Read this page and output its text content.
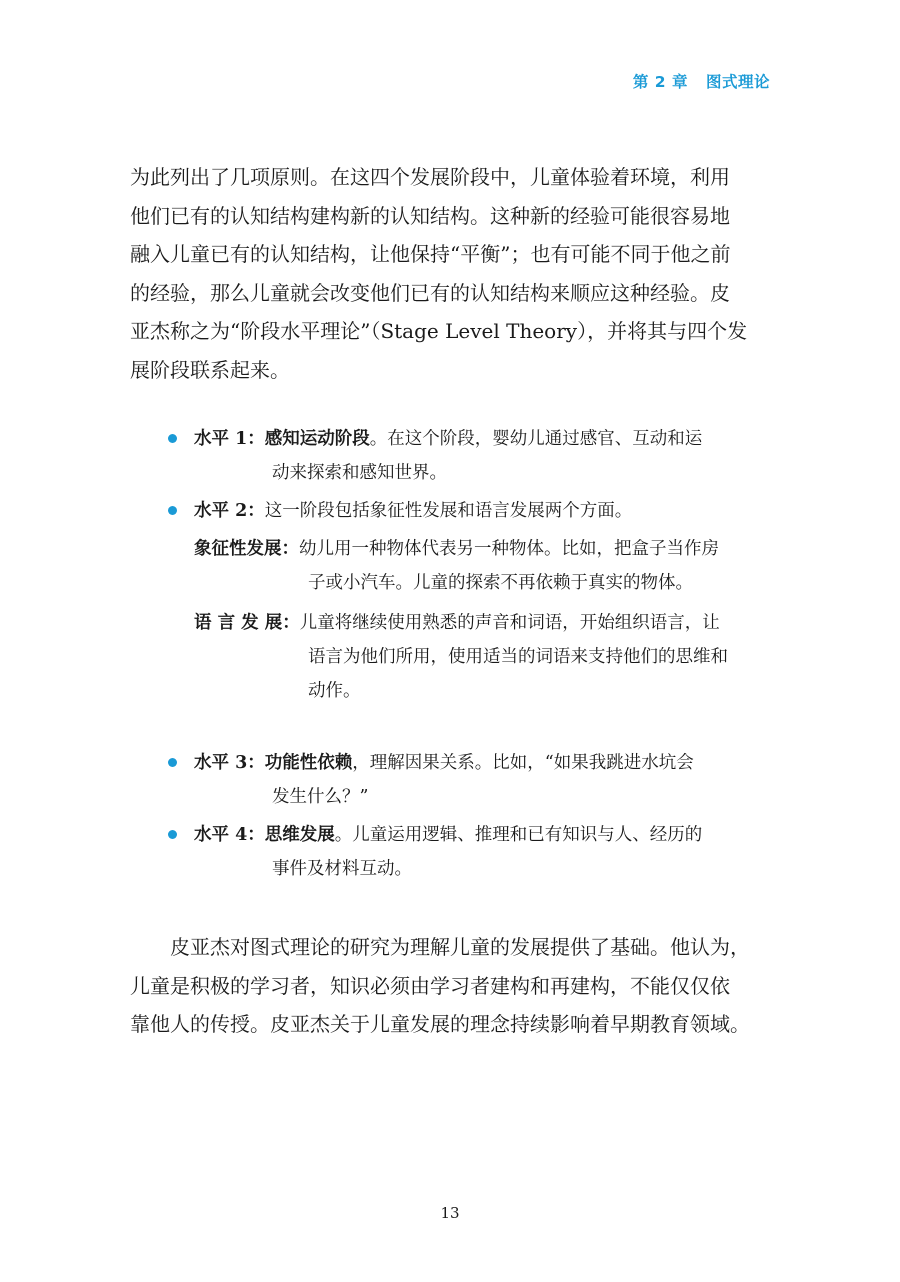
第 2 章 图式理论
为此列出了几项原则。在这四个发展阶段中，儿童体验着环境，利用
他们已有的认知结构建构新的认知结构。这种新的经验可能很容易地
融入儿童已有的认知结构，让他保持“平衡”；也有可能不同于他之前
的经验，那么儿童就会改变他们已有的认知结构来顺应这种经验。皮
亚杰称之为“阶段水平理论”（Stage Level Theory），并将其与四个发
展阶段联系起来。
水平 1：感知运动阶段。在这个阶段，婴幼儿通过感官、互动和运
动来探索和感知世界。
水平 2：这一阶段包括象征性发展和语言发展两个方面。
象征性发展：幼儿用一种物体代表另一种物体。比如，把盒子当作房
子或小汽车。儿童的探索不再依赖于真实的物体。
语 言 发 展：儿童将继续使用熟悉的声音和词语，开始组织语言，让
语言为他们所用，使用适当的词语来支持他们的思维和
动作。
水平 3：功能性依赖，理解因果关系。比如，“如果我跳进水坑会
发生什么？”
水平 4：思维发展。儿童运用逻辑、推理和已有知识与人、经历的
事件及材料互动。
皮亚杰对图式理论的研究为理解儿童的发展提供了基础。他认为，
儿童是积极的学习者，知识必须由学习者建构和再建构，不能仅仅依
靠他人的传授。皮亚杰关于儿童发展的理念持续影响着早期教育领域。
13
